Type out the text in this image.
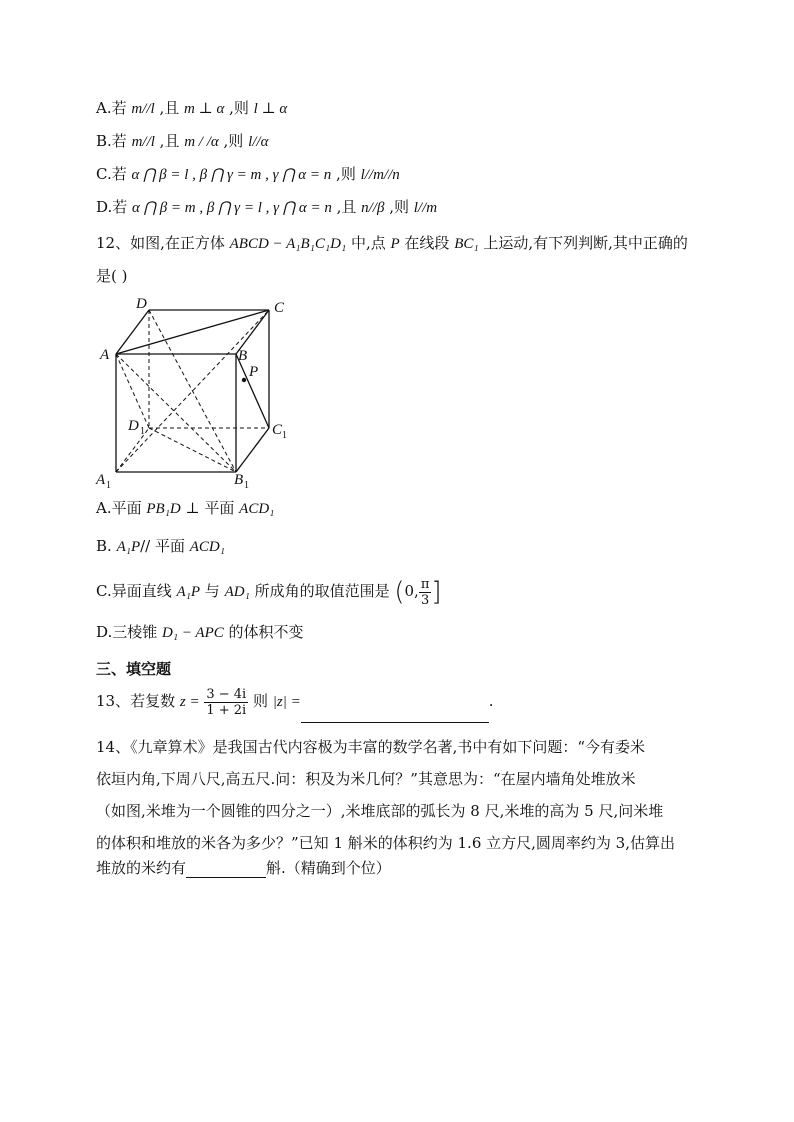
A.若 m//l ,且 m ⊥ α ,则 l ⊥ α
B.若 m//l ,且 m / /α ,则 l//α
C.若 α ⋂ β = l , β ⋂ γ = m , γ ⋂ α = n ,则 l//m//n
D.若 α ⋂ β = m , β ⋂ γ = l , γ ⋂ α = n ,且 n//β ,则 l//m
12、如图,在正方体 ABCD − A₁B₁C₁D₁ 中,点 P 在线段 BC₁ 上运动,有下列判断,其中正确的
是( )
D	C
A	B
P
D 1	C 1
A 1	B 1
A.平面 PB₁D ⊥ 平面 ACD₁
B. A₁P// 平面 ACD₁
C.异面直线 A₁P 与 AD₁ 所成角的取值范围是 (0, $\frac{\pi}{3}$ ]
D.三棱锥 D₁ − APC 的体积不变
三、填空题
13、若复数 $z = \frac{3 - 4i}{1 + 2i}$ 则 |z| =	.
14、《九章算术》是我国古代内容极为丰富的数学名著,书中有如下问题：“今有委米
依垣内角,下周八尺,高五尺.问：积及为米几何？”其意思为：“在屋内墙角处堆放米
（如图,米堆为一个圆锥的四分之一）,米堆底部的弧长为 8 尺,米堆的高为 5 尺,问米堆
的体积和堆放的米各为多少？”已知 1 斛米的体积约为 1.6 立方尺,圆周率约为 3,估算出
堆放的米约有	斛.（精确到个位）
